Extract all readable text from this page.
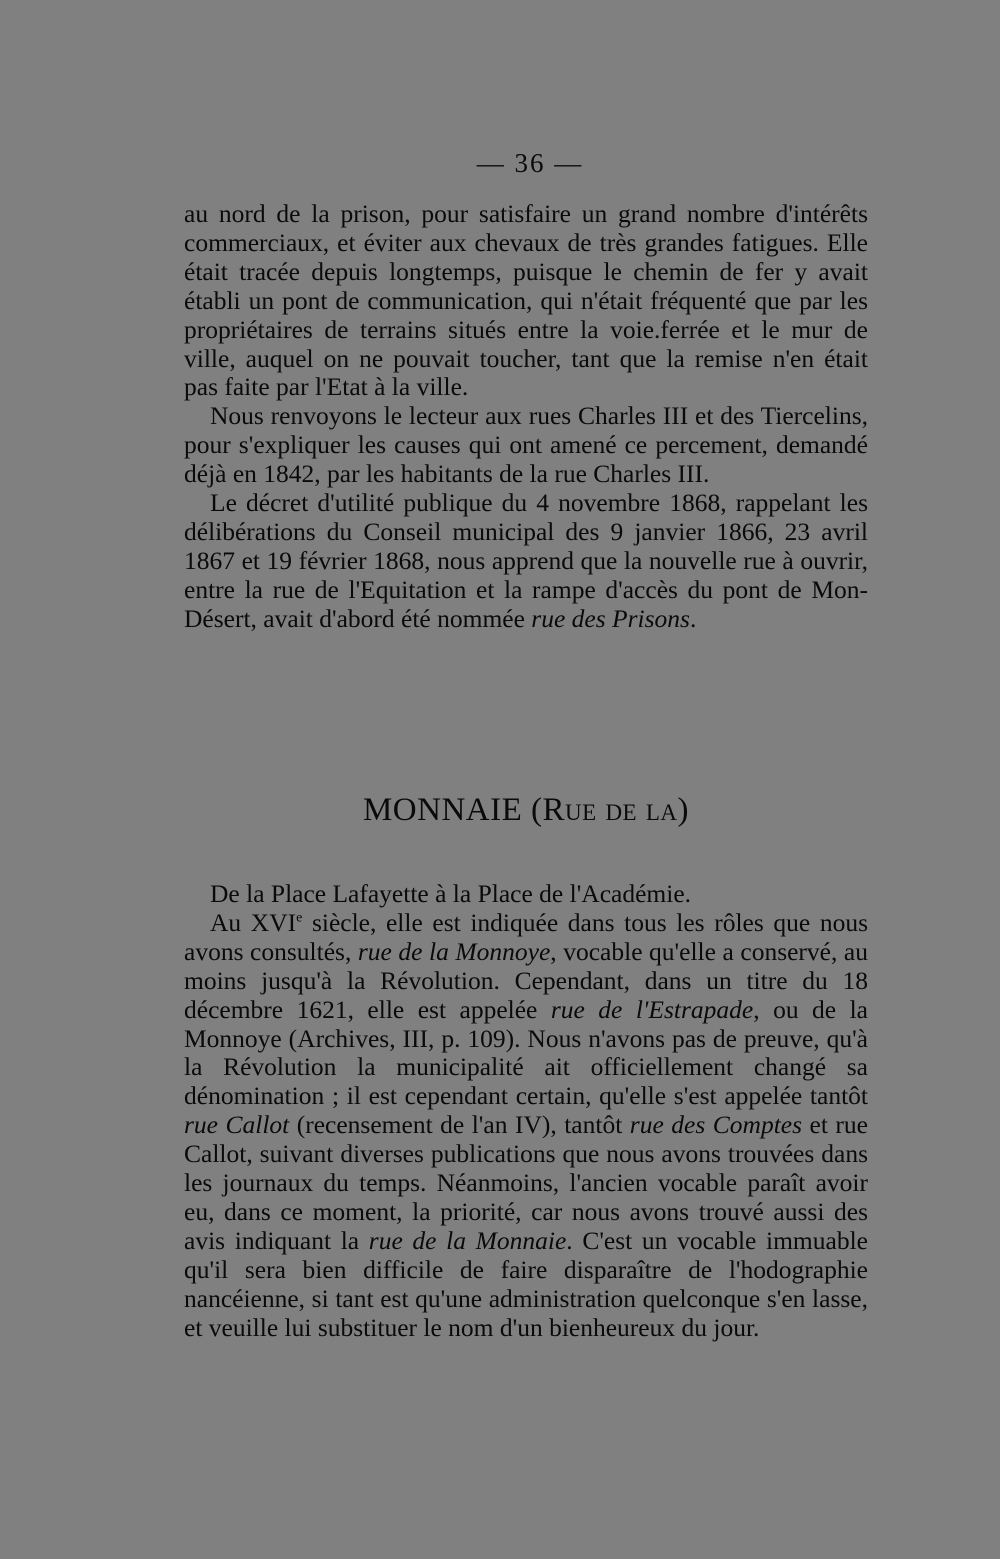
— 36 —

au nord de la prison, pour satisfaire un grand nombre d'intérêts commerciaux, et éviter aux chevaux de très grandes fatigues. Elle était tracée depuis longtemps, puisque le chemin de fer y avait établi un pont de communication, qui n'était fréquenté que par les propriétaires de terrains situés entre la voie.ferrée et le mur de ville, auquel on ne pouvait toucher, tant que la remise n'en était pas faite par l'Etat à la ville.

Nous renvoyons le lecteur aux rues Charles III et des Tiercelins, pour s'expliquer les causes qui ont amené ce percement, demandé déjà en 1842, par les habitants de la rue Charles III.

Le décret d'utilité publique du 4 novembre 1868, rappelant les délibérations du Conseil municipal des 9 janvier 1866, 23 avril 1867 et 19 février 1868, nous apprend que la nouvelle rue à ouvrir, entre la rue de l'Equitation et la rampe d'accès du pont de Mon-Désert, avait d'abord été nommée rue des Prisons.

MONNAIE (Rue de la)

De la Place Lafayette à la Place de l'Académie.

Au XVIe siècle, elle est indiquée dans tous les rôles que nous avons consultés, rue de la Monnoye, vocable qu'elle a conservé, au moins jusqu'à la Révolution. Cependant, dans un titre du 18 décembre 1621, elle est appelée rue de l'Estrapade, ou de la Monnoye (Archives, III, p. 109). Nous n'avons pas de preuve, qu'à la Révolution la municipalité ait officiellement changé sa dénomination ; il est cependant certain, qu'elle s'est appelée tantôt rue Callot (recensement de l'an IV), tantôt rue des Comptes et rue Callot, suivant diverses publications que nous avons trouvées dans les journaux du temps. Néanmoins, l'ancien vocable paraît avoir eu, dans ce moment, la priorité, car nous avons trouvé aussi des avis indiquant la rue de la Monnaie. C'est un vocable immuable qu'il sera bien difficile de faire disparaître de l'hodographie nancéienne, si tant est qu'une administration quelconque s'en lasse, et veuille lui substituer le nom d'un bienheureux du jour.
